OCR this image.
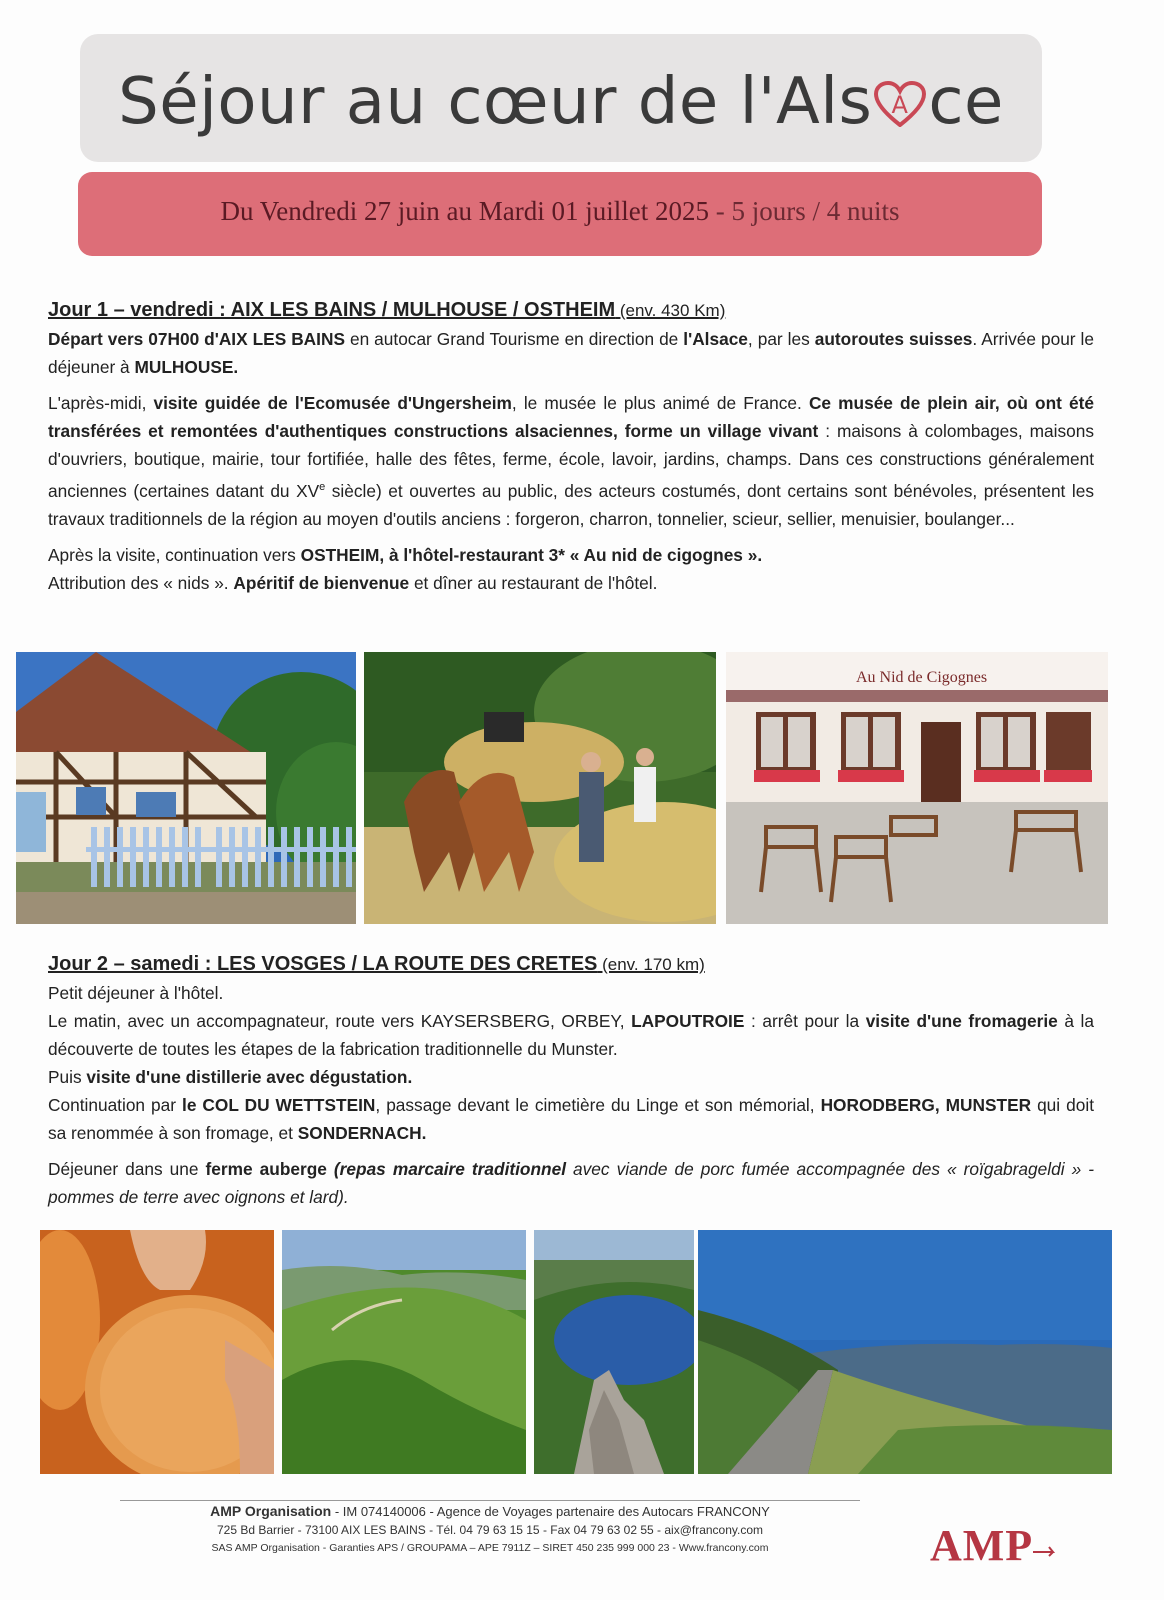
Séjour au cœur de l'Als A ce
Du Vendredi 27 juin au Mardi 01 juillet 2025 - 5 jours / 4 nuits
Jour 1 – vendredi : AIX LES BAINS / MULHOUSE / OSTHEIM (env. 430 Km)

Départ vers 07H00 d'AIX LES BAINS en autocar Grand Tourisme en direction de l'Alsace, par les autoroutes suisses. Arrivée pour le déjeuner à MULHOUSE.

L'après-midi, visite guidée de l'Ecomusée d'Ungersheim, le musée le plus animé de France. Ce musée de plein air, où ont été transférées et remontées d'authentiques constructions alsaciennes, forme un village vivant : maisons à colombages, maisons d'ouvriers, boutique, mairie, tour fortifiée, halle des fêtes, ferme, école, lavoir, jardins, champs. Dans ces constructions généralement anciennes (certaines datant du XVe siècle) et ouvertes au public, des acteurs costumés, dont certains sont bénévoles, présentent les travaux traditionnels de la région au moyen d'outils anciens : forgeron, charron, tonnelier, scieur, sellier, menuisier, boulanger...

Après la visite, continuation vers OSTHEIM, à l'hôtel-restaurant 3* « Au nid de cigognes ».

Attribution des « nids ». Apéritif de bienvenue et dîner au restaurant de l'hôtel.

Au Nid de Cigognes
Jour 2 – samedi : LES VOSGES / LA ROUTE DES CRETES (env. 170 km)

Petit déjeuner à l'hôtel.

Le matin, avec un accompagnateur, route vers KAYSERSBERG, ORBEY, LAPOUTROIE : arrêt pour la visite d'une fromagerie à la découverte de toutes les étapes de la fabrication traditionnelle du Munster.

Puis visite d'une distillerie avec dégustation.

Continuation par le COL DU WETTSTEIN, passage devant le cimetière du Linge et son mémorial, HORODBERG, MUNSTER qui doit sa renommée à son fromage, et SONDERNACH.

Déjeuner dans une ferme auberge (repas marcaire traditionnel avec viande de porc fumée accompagnée des « roïgabrageldi » - pommes de terre avec oignons et lard).

AMP Organisation - IM 074140006 - Agence de Voyages partenaire des Autocars FRANCONY
725 Bd Barrier - 73100 AIX LES BAINS - Tél. 04 79 63 15 15 - Fax 04 79 63 02 55 - aix@francony.com
SAS AMP Organisation - Garanties APS / GROUPAMA – APE 7911Z – SIRET 450 235 999 000 23 - Www.francony.com	AMP
